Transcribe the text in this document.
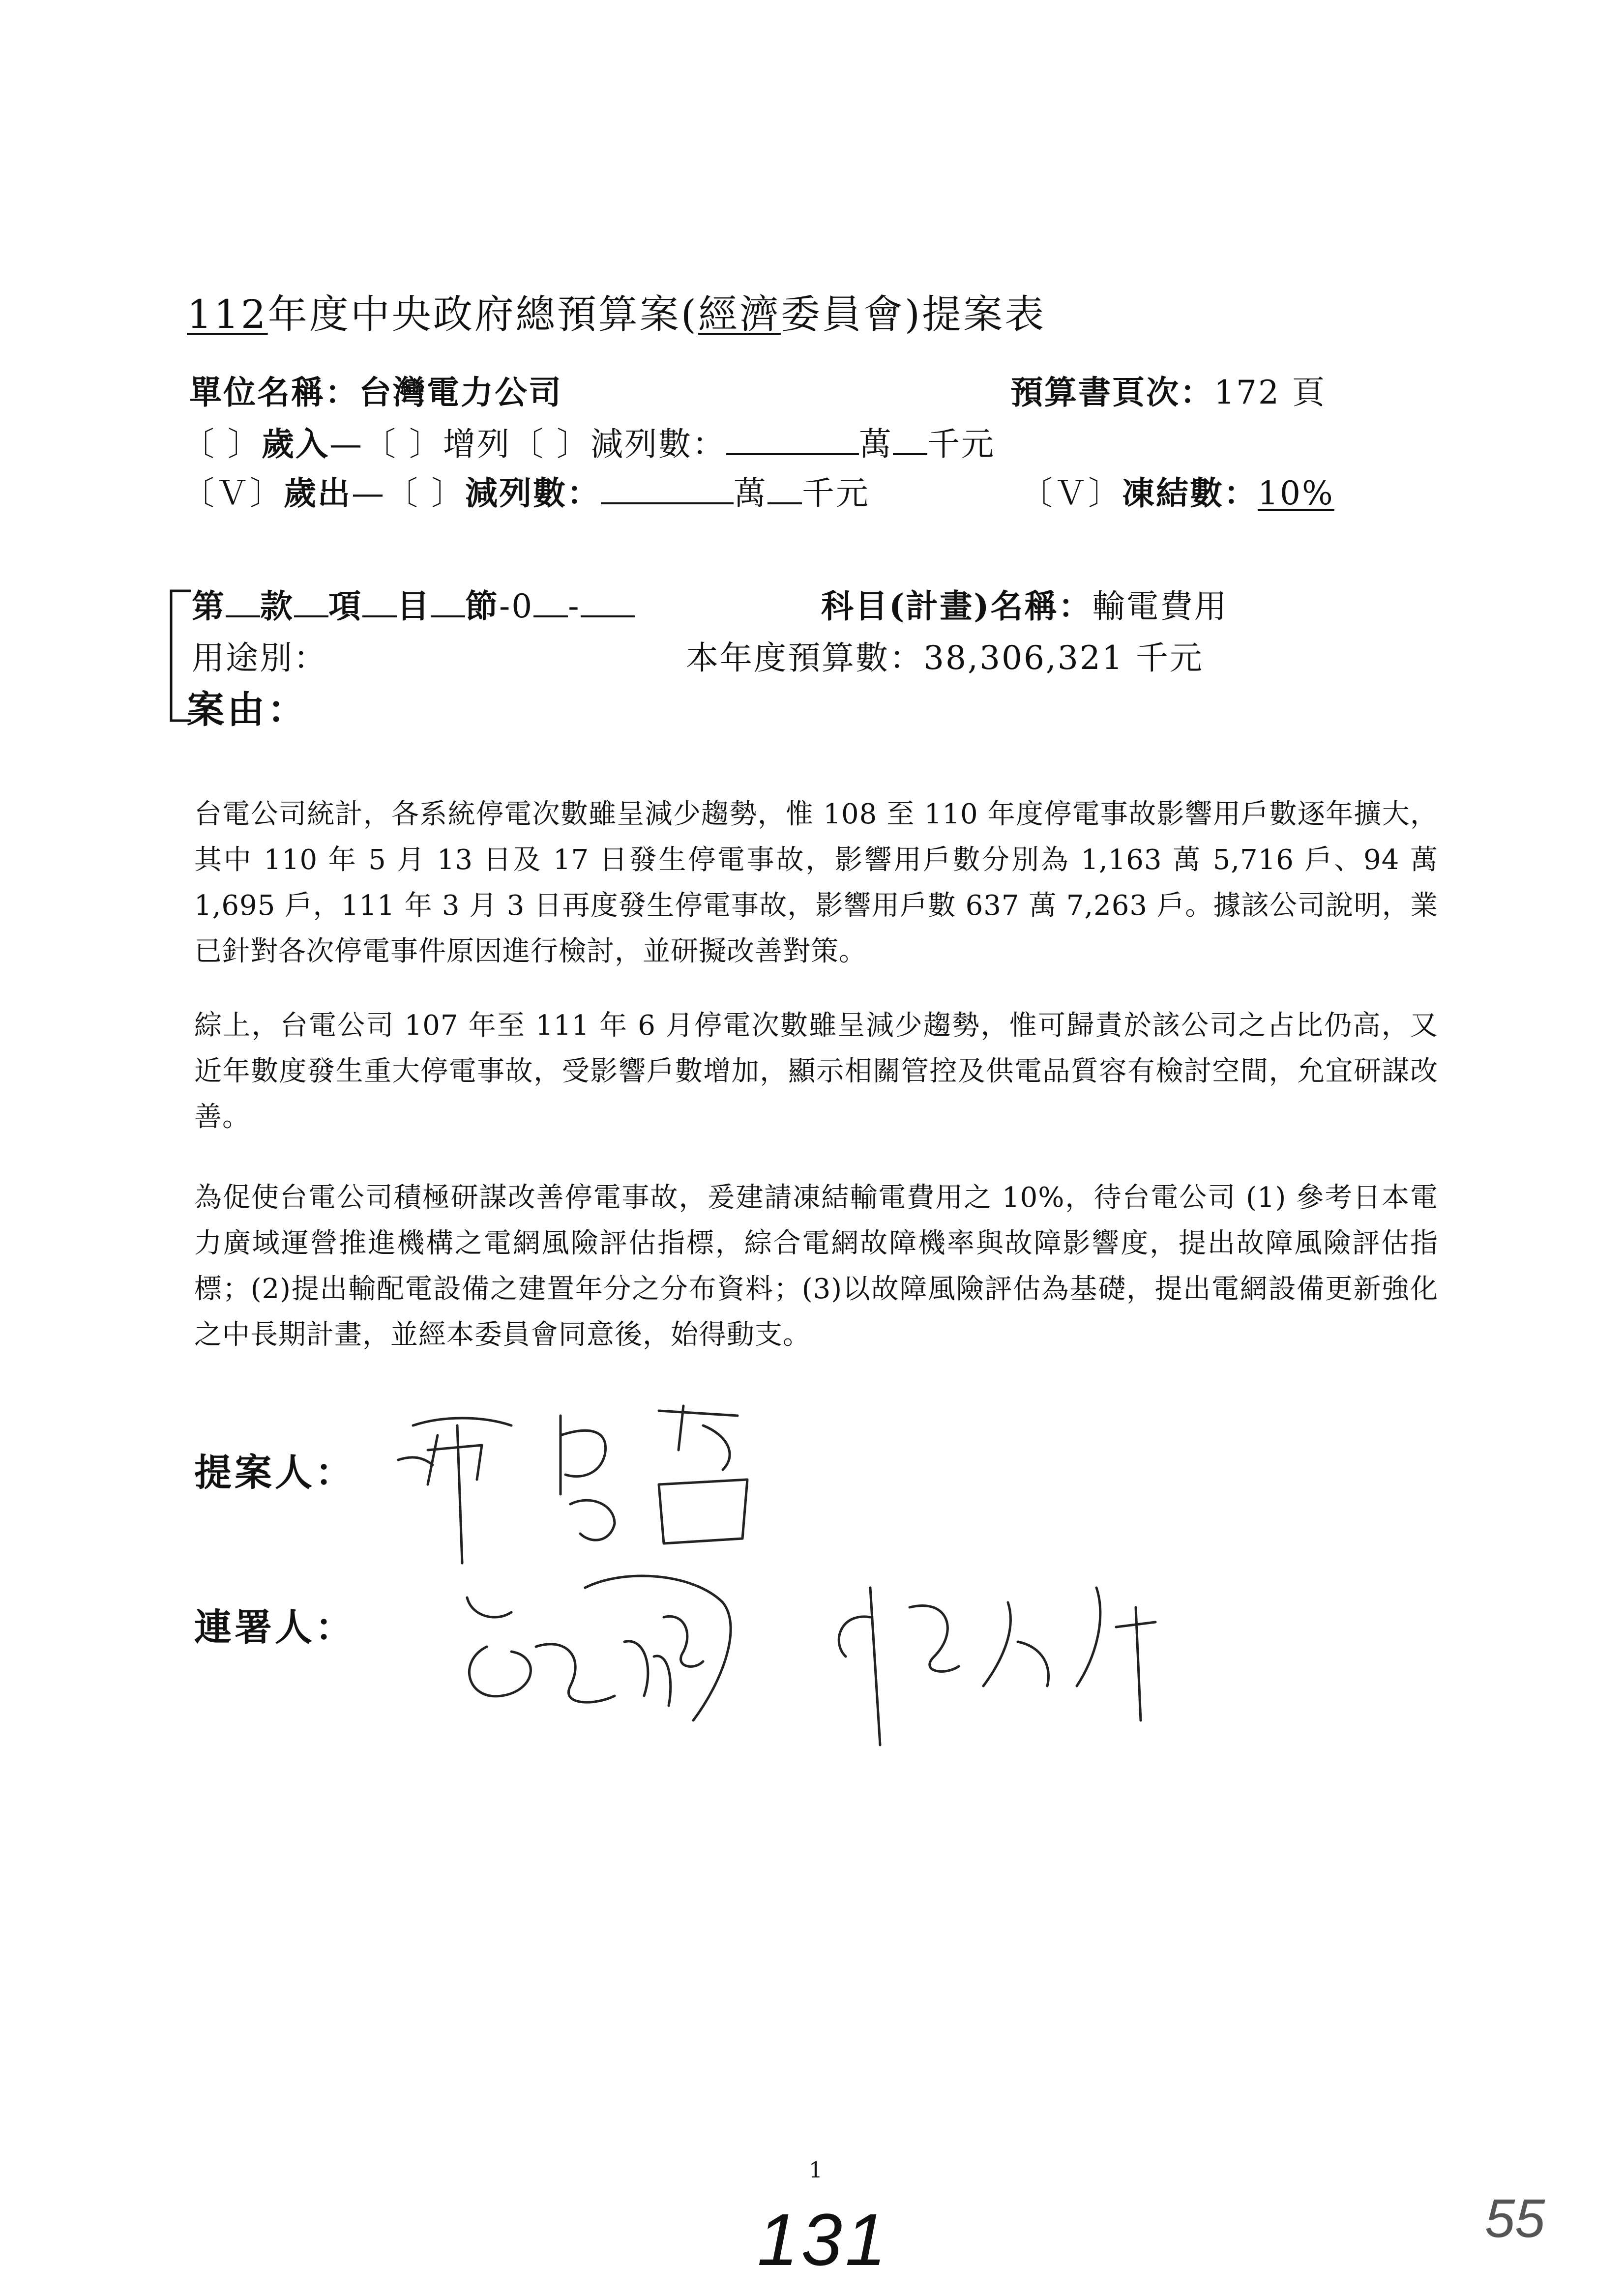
112年度中央政府總預算案(經濟委員會)提案表
單位名稱：台灣電力公司	預算書頁次：172 頁
〔 〕歲入—〔 〕增列〔 〕減列數：	萬 千元
〔Ｖ〕歲出—〔 〕減列數：	萬 千元	〔Ｖ〕凍結數：10%
第 款 項 目 節-0 -	科目(計畫)名稱：輸電費用
用途別：	本年度預算數：38,306,321 千元
案由：
台電公司統計，各系統停電次數雖呈減少趨勢，惟 108 至 110 年度停電事故影響用戶數逐年擴大，其中 110 年 5 月 13 日及 17 日發生停電事故，影響用戶數分別為 1,163 萬 5,716 戶、94 萬 1,695 戶，111 年 3 月 3 日再度發生停電事故，影響用戶數 637 萬 7,263 戶。據該公司說明，業已針對各次停電事件原因進行檢討，並研擬改善對策。
綜上，台電公司 107 年至 111 年 6 月停電次數雖呈減少趨勢，惟可歸責於該公司之占比仍高，又近年數度發生重大停電事故，受影響戶數增加，顯示相關管控及供電品質容有檢討空間，允宜研謀改善。
為促使台電公司積極研謀改善停電事故，爰建請凍結輸電費用之 10%，待台電公司 (1) 參考日本電力廣域運營推進機構之電網風險評估指標，綜合電網故障機率與故障影響度，提出故障風險評估指標；(2)提出輸配電設備之建置年分之分布資料；(3)以故障風險評估為基礎，提出電網設備更新強化之中長期計畫，並經本委員會同意後，始得動支。
提案人：
連署人：
1
131	55
